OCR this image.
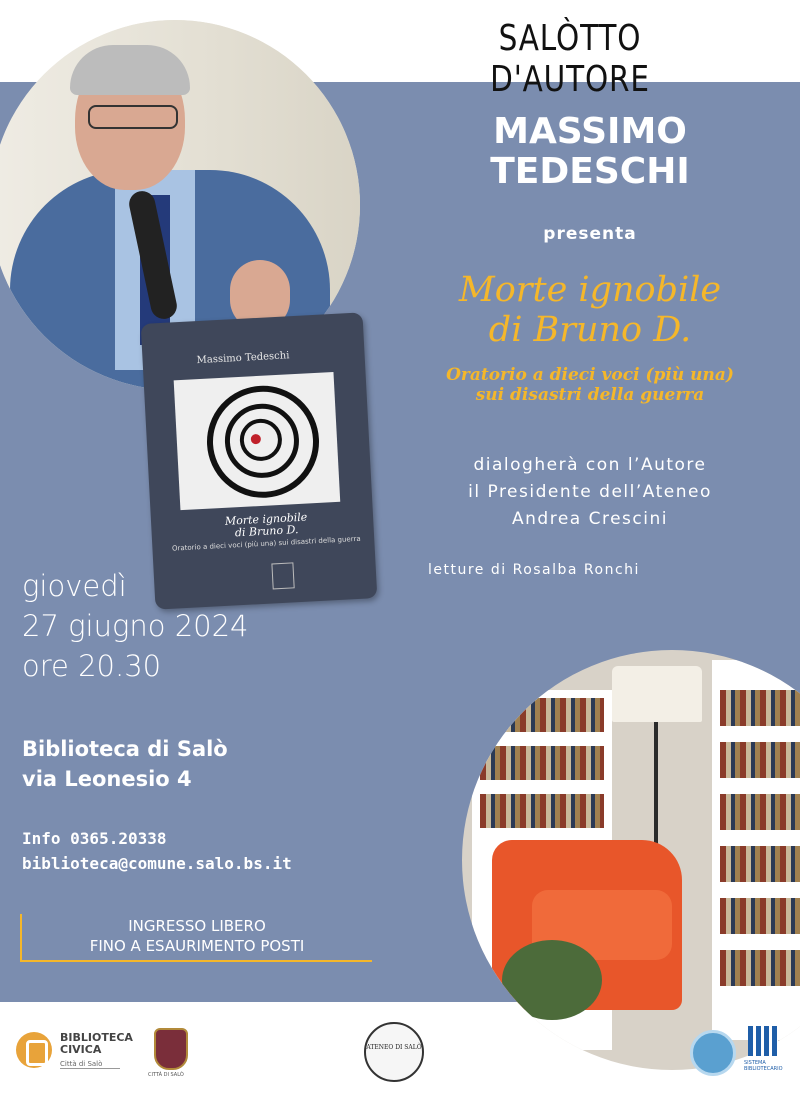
SALÒTTO D'AUTORE
Massimo Tedeschi
Morte ignobile
di Bruno D.
Oratorio a dieci voci (più una) sui disastri della guerra
MASSIMO
TEDESCHI
presenta
Morte ignobile
di Bruno D.
Oratorio a dieci voci (più una)
sui disastri della guerra
dialogherà con l’Autore
il Presidente dell’Ateneo
Andrea Crescini
letture di Rosalba Ronchi
giovedì
27 giugno 2024
ore 20.30
Biblioteca di Salò
via Leonesio 4
Info 0365.20338
biblioteca@comune.salo.bs.it
INGRESSO LIBERO
FINO A ESAURIMENTO POSTI
BIBLIOTECA
CIVICA
Città di Salò
CITTÀ DI SALÒ
ATENEO DI SALÒ
SISTEMA BIBLIOTECARIO
